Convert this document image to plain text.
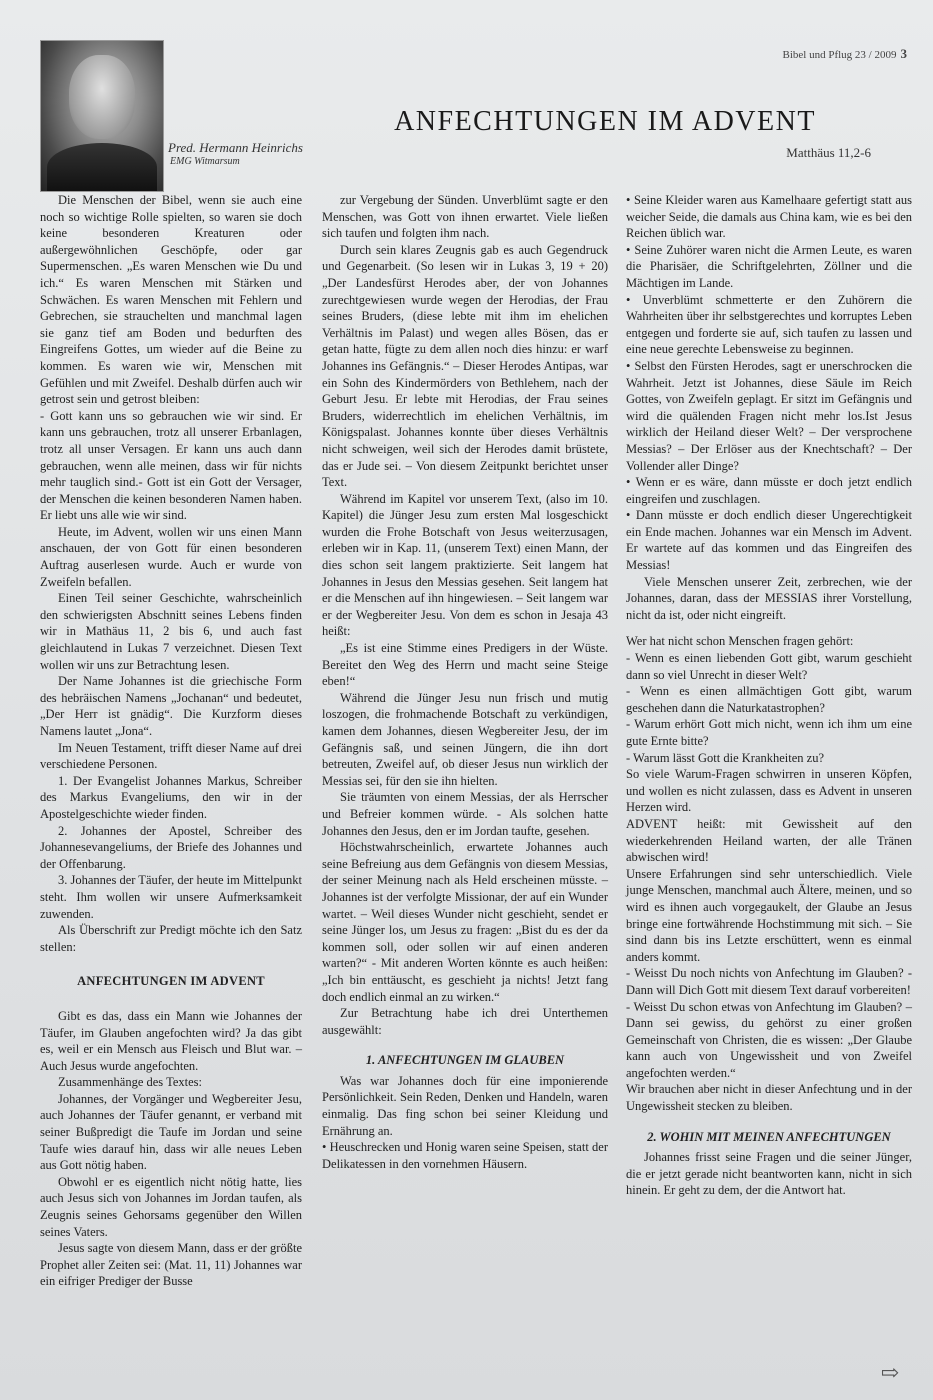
Bibel und Pflug 23 / 2009 3
Pred. Hermann Heinrichs
EMG Witmarsum
ANFECHTUNGEN IM ADVENT
Matthäus 11,2-6

Die Menschen der Bibel, wenn sie auch eine noch so wichtige Rolle spielten, so waren sie doch keine besonderen Kreaturen oder außergewöhnlichen Geschöpfe, oder gar Supermenschen. „Es waren Menschen wie Du und ich.“ Es waren Menschen mit Stärken und Schwächen. Es waren Menschen mit Fehlern und Gebrechen, sie strauchelten und manchmal lagen sie ganz tief am Boden und bedurften des Eingreifens Gottes, um wieder auf die Beine zu kommen. Es waren wie wir, Menschen mit Gefühlen und mit Zweifel. Deshalb dürfen auch wir getrost sein und getrost bleiben:

- Gott kann uns so gebrauchen wie wir sind. Er kann uns gebrauchen, trotz all unserer Erbanlagen, trotz all unser Versagen. Er kann uns auch dann gebrauchen, wenn alle meinen, dass wir für nichts mehr tauglich sind.- Gott ist ein Gott der Versager, der Menschen die keinen besonderen Namen haben. Er liebt uns alle wie wir sind.

Heute, im Advent, wollen wir uns einen Mann anschauen, der von Gott für einen besonderen Auftrag auserlesen wurde. Auch er wurde von Zweifeln befallen.

Einen Teil seiner Geschichte, wahrscheinlich den schwierigsten Abschnitt seines Lebens finden wir in Mathäus 11, 2 bis 6, und auch fast gleichlautend in Lukas 7 verzeichnet. Diesen Text wollen wir uns zur Betrachtung lesen.

Der Name Johannes ist die griechische Form des hebräischen Namens „Jochanan“ und bedeutet, „Der Herr ist gnädig“. Die Kurzform dieses Namens lautet „Jona“.

Im Neuen Testament, trifft dieser Name auf drei verschiedene Personen.

1. Der Evangelist Johannes Markus, Schreiber des Markus Evangeliums, den wir in der Apostelgeschichte wieder finden.

2. Johannes der Apostel, Schreiber des Johannesevangeliums, der Briefe des Johannes und der Offenbarung.

3. Johannes der Täufer, der heute im Mittelpunkt steht. Ihm wollen wir unsere Aufmerksamkeit zuwenden.

Als Überschrift zur Predigt möchte ich den Satz stellen:

ANFECHTUNGEN IM ADVENT

Gibt es das, dass ein Mann wie Johannes der Täufer, im Glauben angefochten wird? Ja das gibt es, weil er ein Mensch aus Fleisch und Blut war. – Auch Jesus wurde angefochten.

Zusammenhänge des Textes:

Johannes, der Vorgänger und Wegbereiter Jesu, auch Johannes der Täufer genannt, er verband mit seiner Bußpredigt die Taufe im Jordan und seine Taufe wies darauf hin, dass wir alle neues Leben aus Gott nötig haben.

Obwohl er es eigentlich nicht nötig hatte, lies auch Jesus sich von Johannes im Jordan taufen, als Zeugnis seines Gehorsams gegenüber den Willen seines Vaters.

Jesus sagte von diesem Mann, dass er der größte Prophet aller Zeiten sei: (Mat. 11, 11) Johannes war ein eifriger Prediger der Busse

zur Vergebung der Sünden. Unverblümt sagte er den Menschen, was Gott von ihnen erwartet. Viele ließen sich taufen und folgten ihm nach.

Durch sein klares Zeugnis gab es auch Gegendruck und Gegenarbeit. (So lesen wir in Lukas 3, 19 + 20) „Der Landesfürst Herodes aber, der von Johannes zurechtgewiesen wurde wegen der Herodias, der Frau seines Bruders, (diese lebte mit ihm im ehelichen Verhältnis im Palast) und wegen alles Bösen, das er getan hatte, fügte zu dem allen noch dies hinzu: er warf Johannes ins Gefängnis.“ – Dieser Herodes Antipas, war ein Sohn des Kindermörders von Bethlehem, nach der Geburt Jesu. Er lebte mit Herodias, der Frau seines Bruders, widerrechtlich im ehelichen Verhältnis, im Königspalast. Johannes konnte über dieses Verhältnis nicht schweigen, weil sich der Herodes damit brüstete, das er Jude sei. – Von diesem Zeitpunkt berichtet unser Text.

Während im Kapitel vor unserem Text, (also im 10. Kapitel) die Jünger Jesu zum ersten Mal losgeschickt wurden die Frohe Botschaft von Jesus weiterzusagen, erleben wir in Kap. 11, (unserem Text) einen Mann, der dies schon seit langem praktizierte. Seit langem hat Johannes in Jesus den Messias gesehen. Seit langem hat er die Menschen auf ihn hingewiesen. – Seit langem war er der Wegbereiter Jesu. Von dem es schon in Jesaja 43 heißt:

„Es ist eine Stimme eines Predigers in der Wüste. Bereitet den Weg des Herrn und macht seine Steige eben!“

Während die Jünger Jesu nun frisch und mutig loszogen, die frohmachende Botschaft zu verkündigen, kamen dem Johannes, diesen Wegbereiter Jesu, der im Gefängnis saß, und seinen Jüngern, die ihn dort betreuten, Zweifel auf, ob dieser Jesus nun wirklich der Messias sei, für den sie ihn hielten.

Sie träumten von einem Messias, der als Herrscher und Befreier kommen würde. - Als solchen hatte Johannes den Jesus, den er im Jordan taufte, gesehen.

Höchstwahrscheinlich, erwartete Johannes auch seine Befreiung aus dem Gefängnis von diesem Messias, der seiner Meinung nach als Held erscheinen müsste. – Johannes ist der verfolgte Missionar, der auf ein Wunder wartet. – Weil dieses Wunder nicht geschieht, sendet er seine Jünger los, um Jesus zu fragen: „Bist du es der da kommen soll, oder sollen wir auf einen anderen warten?“ - Mit anderen Worten könnte es auch heißen: „Ich bin enttäuscht, es geschieht ja nichts! Jetzt fang doch endlich einmal an zu wirken.“

Zur Betrachtung habe ich drei Unterthemen ausgewählt:

1. ANFECHTUNGEN IM GLAUBEN

Was war Johannes doch für eine imponierende Persönlichkeit. Sein Reden, Denken und Handeln, waren einmalig. Das fing schon bei seiner Kleidung und Ernährung an.

• Heuschrecken und Honig waren seine Speisen, statt der Delikatessen in den vornehmen Häusern.

• Seine Kleider waren aus Kamelhaare gefertigt statt aus weicher Seide, die damals aus China kam, wie es bei den Reichen üblich war.

• Seine Zuhörer waren nicht die Armen Leute, es waren die Pharisäer, die Schriftgelehrten, Zöllner und die Mächtigen im Lande.

• Unverblümt schmetterte er den Zuhörern die Wahrheiten über ihr selbstgerechtes und korruptes Leben entgegen und forderte sie auf, sich taufen zu lassen und eine neue gerechte Lebensweise zu beginnen.

• Selbst den Fürsten Herodes, sagt er unerschrocken die Wahrheit. Jetzt ist Johannes, diese Säule im Reich Gottes, von Zweifeln geplagt. Er sitzt im Gefängnis und wird die quälenden Fragen nicht mehr los.Ist Jesus wirklich der Heiland dieser Welt? – Der versprochene Messias? – Der Erlöser aus der Knechtschaft? – Der Vollender aller Dinge?

• Wenn er es wäre, dann müsste er doch jetzt endlich eingreifen und zuschlagen.

• Dann müsste er doch endlich dieser Ungerechtigkeit ein Ende machen. Johannes war ein Mensch im Advent. Er wartete auf das kommen und das Eingreifen des Messias!

Viele Menschen unserer Zeit, zerbrechen, wie der Johannes, daran, dass der MESSIAS ihrer Vorstellung, nicht da ist, oder nicht eingreift.

Wer hat nicht schon Menschen fragen gehört:

- Wenn es einen liebenden Gott gibt, warum geschieht dann so viel Unrecht in dieser Welt?

- Wenn es einen allmächtigen Gott gibt, warum geschehen dann die Naturkatastrophen?

- Warum erhört Gott mich nicht, wenn ich ihm um eine gute Ernte bitte?

- Warum lässt Gott die Krankheiten zu?

So viele Warum-Fragen schwirren in unseren Köpfen, und wollen es nicht zulassen, dass es Advent in unseren Herzen wird.

ADVENT heißt: mit Gewissheit auf den wiederkehrenden Heiland warten, der alle Tränen abwischen wird!

Unsere Erfahrungen sind sehr unterschiedlich. Viele junge Menschen, manchmal auch Ältere, meinen, und so wird es ihnen auch vorgegaukelt, der Glaube an Jesus bringe eine fortwährende Hochstimmung mit sich. – Sie sind dann bis ins Letzte erschüttert, wenn es einmal anders kommt.

- Weisst Du noch nichts von Anfechtung im Glauben? - Dann will Dich Gott mit diesem Text darauf vorbereiten!

- Weisst Du schon etwas von Anfechtung im Glauben? – Dann sei gewiss, du gehörst zu einer großen Gemeinschaft von Christen, die es wissen: „Der Glaube kann auch von Ungewissheit und von Zweifel angefochten werden.“

Wir brauchen aber nicht in dieser Anfechtung und in der Ungewissheit stecken zu bleiben.

2. WOHIN MIT MEINEN ANFECHTUNGEN

Johannes frisst seine Fragen und die seiner Jünger, die er jetzt gerade nicht beantworten kann, nicht in sich hinein. Er geht zu dem, der die Antwort hat.

⇨
